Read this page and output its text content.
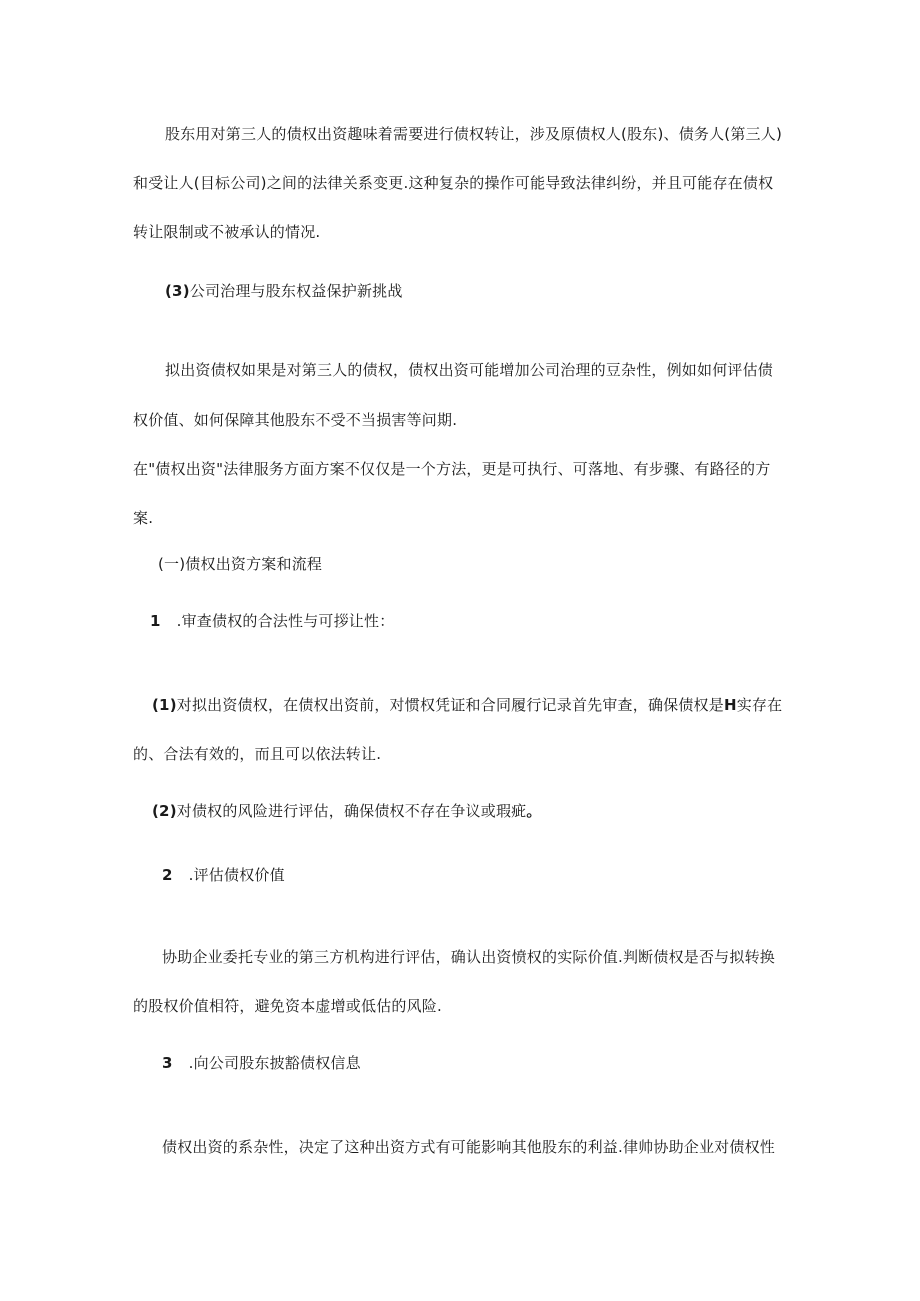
股东用对第三人的债权出资趣味着需要进行债权转让，涉及原债权人(股东)、债务人(第三人)
和受让人(目标公司)之间的法律关系变更.这种复杂的操作可能导致法律纠纷，并且可能存在债权
转让限制或不被承认的情况.
(3)公司治理与股东权益保护新挑战
拟出资债权如果是对第三人的债权，债权出资可能增加公司治理的豆杂性，例如如何评估债
权价值、如何保障其他股东不受不当损害等问期.
在"债权出资"法律服务方面方案不仅仅是一个方法，更是可执行、可落地、有步骤、有路径的方
案.
(一)债权出资方案和流程
1 .审查债权的合法性与可拶让性：
(1)对拟出资债权，在债权出资前，对惯权凭证和合同履行记录首先审查，确保债权是H实存在
的、合法有效的，而且可以依法转让.
(2)对债权的风险进行评估，确保债权不存在争议或瑕疵。
2 .评估债权价值
协助企业委托专业的第三方机构进行评估，确认出资愤权的实际价值.判断债权是否与拟转换
的股权价值相符，避免资本虚增或低估的风险.
3 .向公司股东披豁债权信息
债权出资的系杂性，决定了这种出资方式有可能影响其他股东的利益.律帅协助企业对债权性
